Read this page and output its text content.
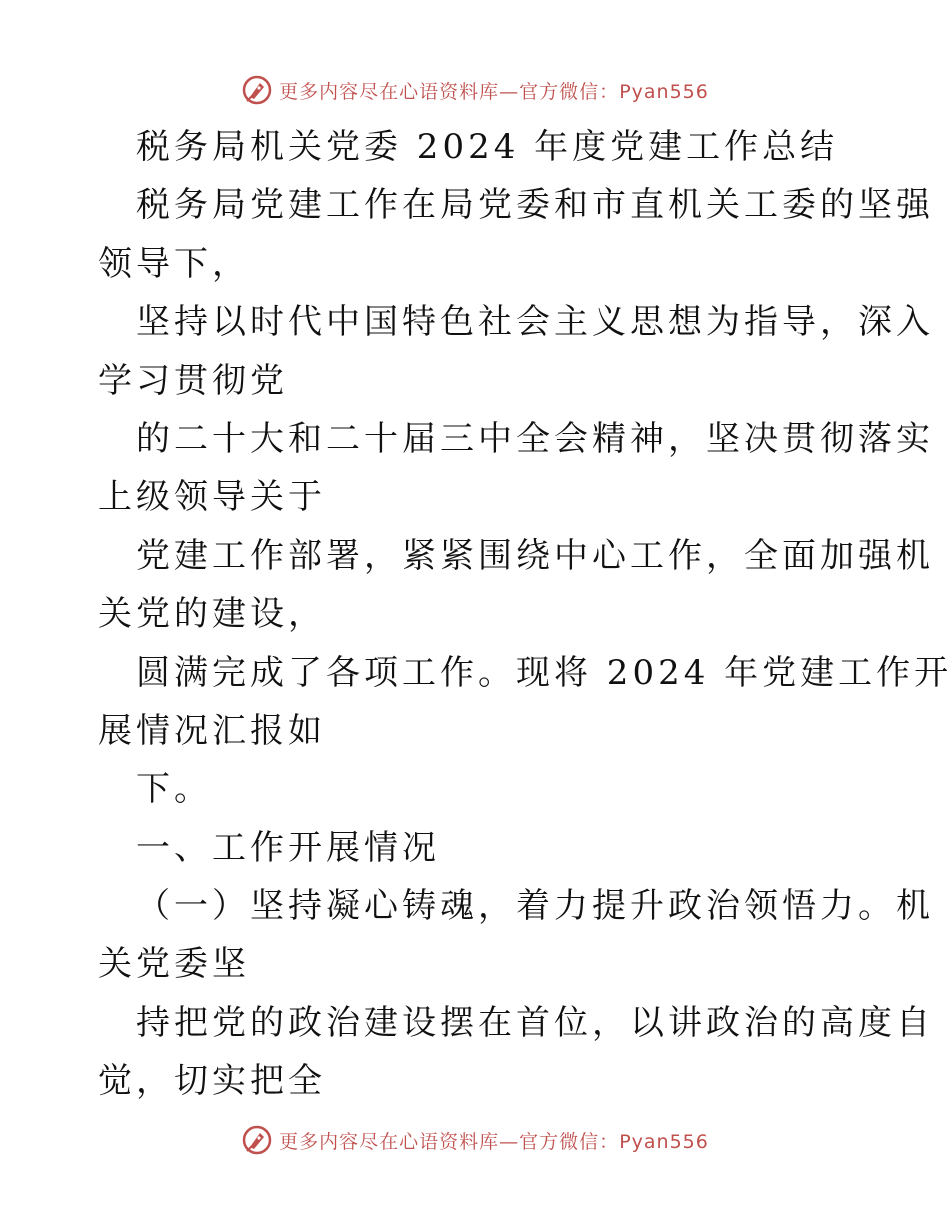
更多内容尽在心语资料库—官方微信：Pyan556
税务局机关党委 2024 年度党建工作总结
税务局党建工作在局党委和市直机关工委的坚强
领导下，
坚持以时代中国特色社会主义思想为指导，深入
学习贯彻党
的二十大和二十届三中全会精神，坚决贯彻落实
上级领导关于
党建工作部署，紧紧围绕中心工作，全面加强机
关党的建设，
圆满完成了各项工作。现将 2024 年党建工作开
展情况汇报如
下。
一、工作开展情况
（一）坚持凝心铸魂，着力提升政治领悟力。机
关党委坚
持把党的政治建设摆在首位，以讲政治的高度自
觉，切实把全
更多内容尽在心语资料库—官方微信：Pyan556
